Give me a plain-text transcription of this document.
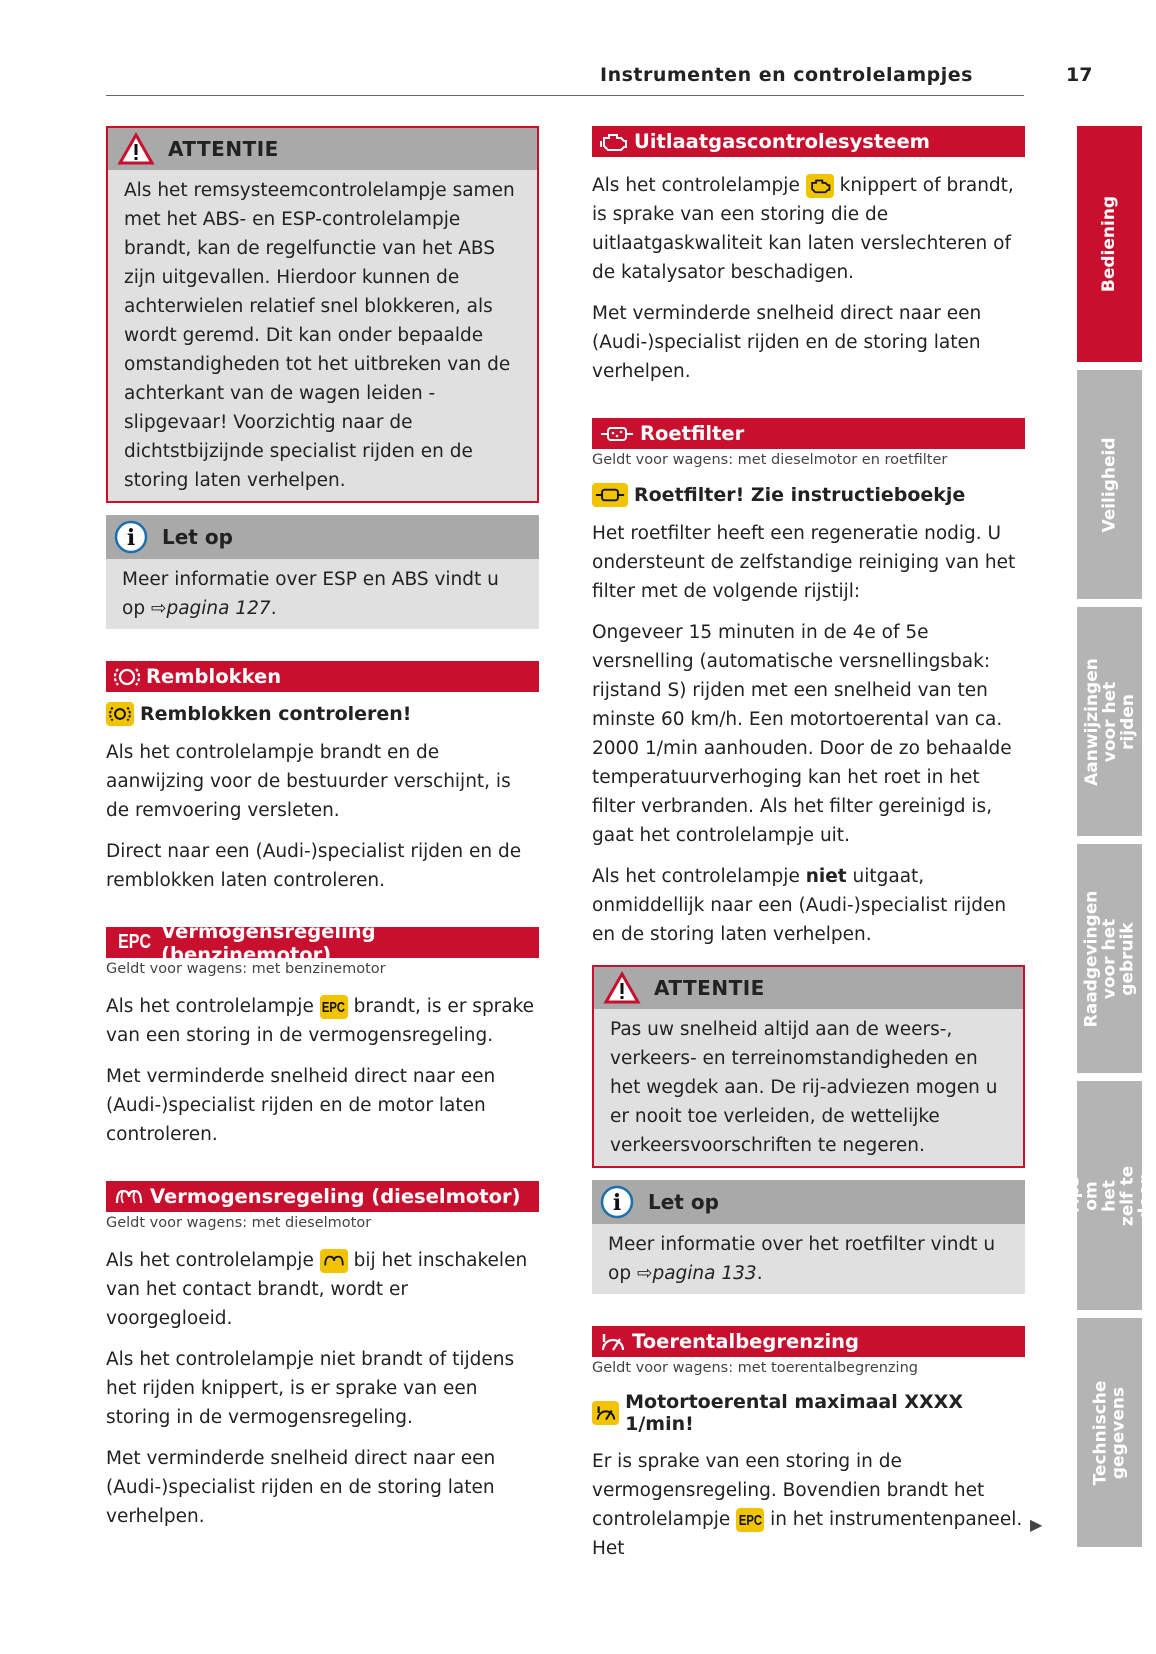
Instrumenten en controlelampjes	17
ATTENTIE
Als het remsysteemcontrolelampje samen met het ABS- en ESP-controlelampje brandt, kan de regelfunctie van het ABS zijn uitgevallen. Hierdoor kunnen de achterwielen relatief snel blokkeren, als wordt geremd. Dit kan onder bepaalde omstandigheden tot het uitbreken van de achterkant van de wagen leiden - slipgevaar! Voorzichtig naar de dichtstbijzijnde specialist rijden en de storing laten verhelpen.
i Let op
Meer informatie over ESP en ABS vindt u op ⇨pagina 127.
Remblokken
Remblokken controleren!

Als het controlelampje brandt en de aanwijzing voor de bestuurder verschijnt, is de remvoering versleten.

Direct naar een (Audi-)specialist rijden en de remblokken laten controleren.

EPC Vermogensregeling (benzinemotor)
Geldt voor wagens: met benzinemotor

Als het controlelampje EPC brandt, is er sprake van een storing in de vermogensregeling.

Met verminderde snelheid direct naar een (Audi-)specialist rijden en de motor laten controleren.

Vermogensregeling (dieselmotor)
Geldt voor wagens: met dieselmotor

Als het controlelampje bij het inschakelen van het contact brandt, wordt er voorgegloeid.

Als het controlelampje niet brandt of tijdens het rijden knippert, is er sprake van een storing in de vermogensregeling.

Met verminderde snelheid direct naar een (Audi-)specialist rijden en de storing laten verhelpen.

Uitlaatgascontrolesysteem

Als het controlelampje knippert of brandt, is sprake van een storing die de uitlaatgaskwaliteit kan laten verslechteren of de katalysator beschadigen.

Met verminderde snelheid direct naar een (Audi-)specialist rijden en de storing laten verhelpen.

Roetfilter
Geldt voor wagens: met dieselmotor en roetfilter
Roetfilter! Zie instructieboekje

Het roetfilter heeft een regeneratie nodig. U ondersteunt de zelfstandige reiniging van het filter met de volgende rijstijl:

Ongeveer 15 minuten in de 4e of 5e versnelling (automatische versnellingsbak: rijstand S) rijden met een snelheid van ten minste 60 km/h. Een motortoerental van ca. 2000 1/min aanhouden. Door de zo behaalde temperatuurverhoging kan het roet in het filter verbranden. Als het filter gereinigd is, gaat het controlelampje uit.

Als het controlelampje niet uitgaat, onmiddellijk naar een (Audi-)specialist rijden en de storing laten verhelpen.

ATTENTIE
Pas uw snelheid altijd aan de weers-, verkeers- en terreinomstandigheden en het wegdek aan. De rij-adviezen mogen u er nooit toe verleiden, de wettelijke verkeersvoorschriften te negeren.
i Let op
Meer informatie over het roetfilter vindt u op ⇨pagina 133.
Toerentalbegrenzing
Geldt voor wagens: met toerentalbegrenzing
Motortoerental maximaal XXXX 1/min!

Er is sprake van een storing in de vermogensregeling. Bovendien brandt het controlelampje EPC in het instrumentenpaneel. Het

▶
Bediening
Veiligheid
Aanwijzingen voor het rijden
Raadgevingen voor het gebruik
Tips om het zelf te doen
Technische gegevens
